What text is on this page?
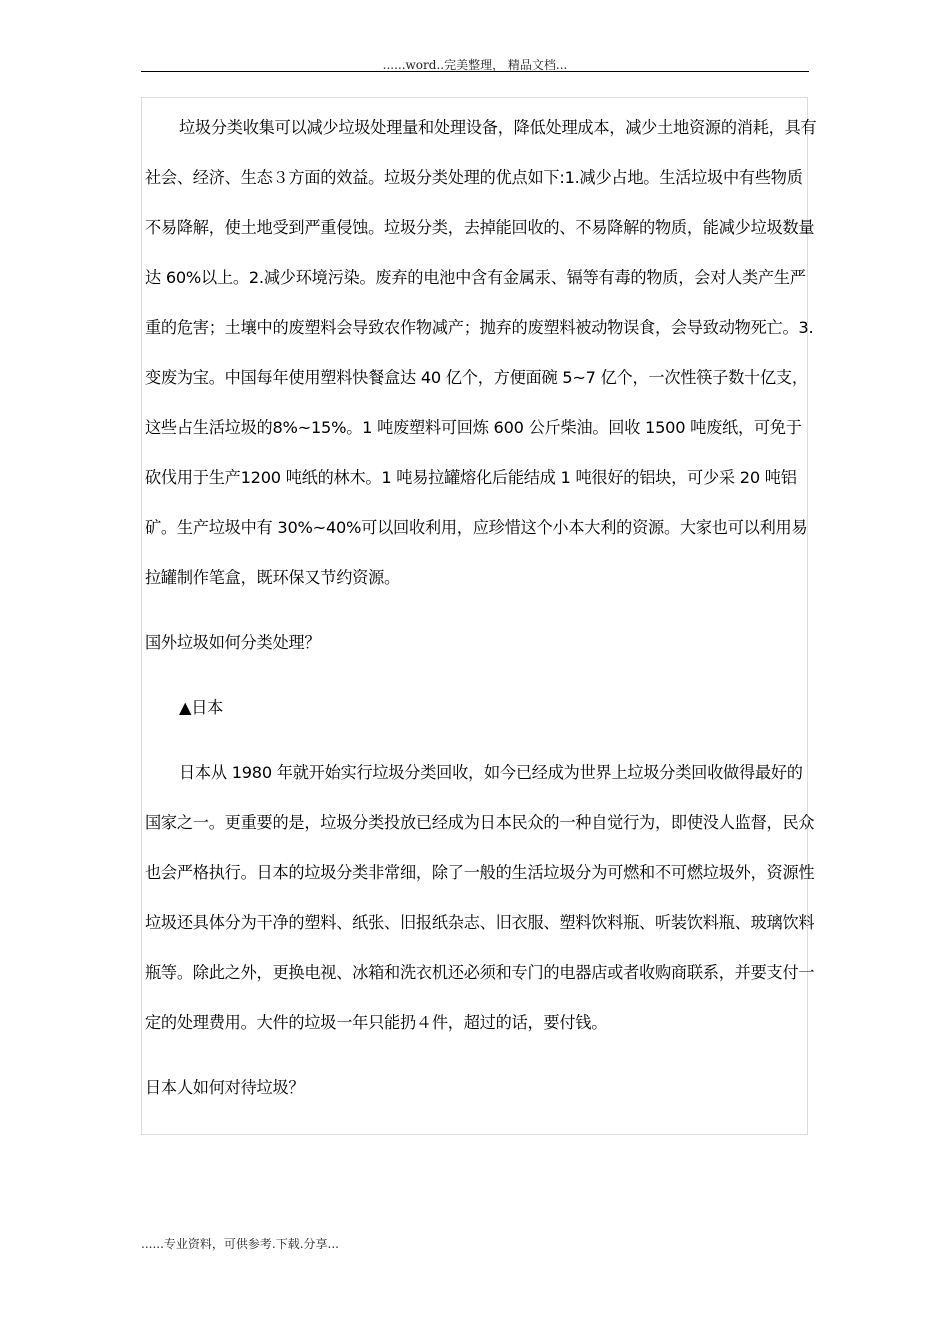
......word..完美整理， 精品文档...

垃圾分类收集可以减少垃圾处理量和处理设备，降低处理成本，减少土地资源的消耗，具有社会、经济、生态３方面的效益。垃圾分类处理的优点如下:1.减少占地。生活垃圾中有些物质不易降解，使土地受到严重侵蚀。垃圾分类，去掉能回收的、不易降解的物质，能减少垃圾数量达 60%以上。2.减少环境污染。废弃的电池中含有金属汞、镉等有毒的物质，会对人类产生严重的危害；土壤中的废塑料会导致农作物减产；抛弃的废塑料被动物误食，会导致动物死亡。3.变废为宝。中国每年使用塑料快餐盒达 40 亿个，方便面碗 5~7 亿个，一次性筷子数十亿支，这些占生活垃圾的8%~15%。1 吨废塑料可回炼 600 公斤柴油。回收 1500 吨废纸，可免于砍伐用于生产1200 吨纸的林木。1 吨易拉罐熔化后能结成 1 吨很好的铝块，可少采 20 吨铝矿。生产垃圾中有 30%~40%可以回收利用，应珍惜这个小本大利的资源。大家也可以利用易拉罐制作笔盒，既环保又节约资源。

国外垃圾如何分类处理？

▲日本

日本从 1980 年就开始实行垃圾分类回收，如今已经成为世界上垃圾分类回收做得最好的国家之一。更重要的是，垃圾分类投放已经成为日本民众的一种自觉行为，即使没人监督，民众也会严格执行。日本的垃圾分类非常细，除了一般的生活垃圾分为可燃和不可燃垃圾外，资源性垃圾还具体分为干净的塑料、纸张、旧报纸杂志、旧衣服、塑料饮料瓶、听装饮料瓶、玻璃饮料瓶等。除此之外，更换电视、冰箱和洗衣机还必须和专门的电器店或者收购商联系，并要支付一定的处理费用。大件的垃圾一年只能扔４件，超过的话，要付钱。

日本人如何对待垃圾？

......专业资料，可供参考.下载.分享...
